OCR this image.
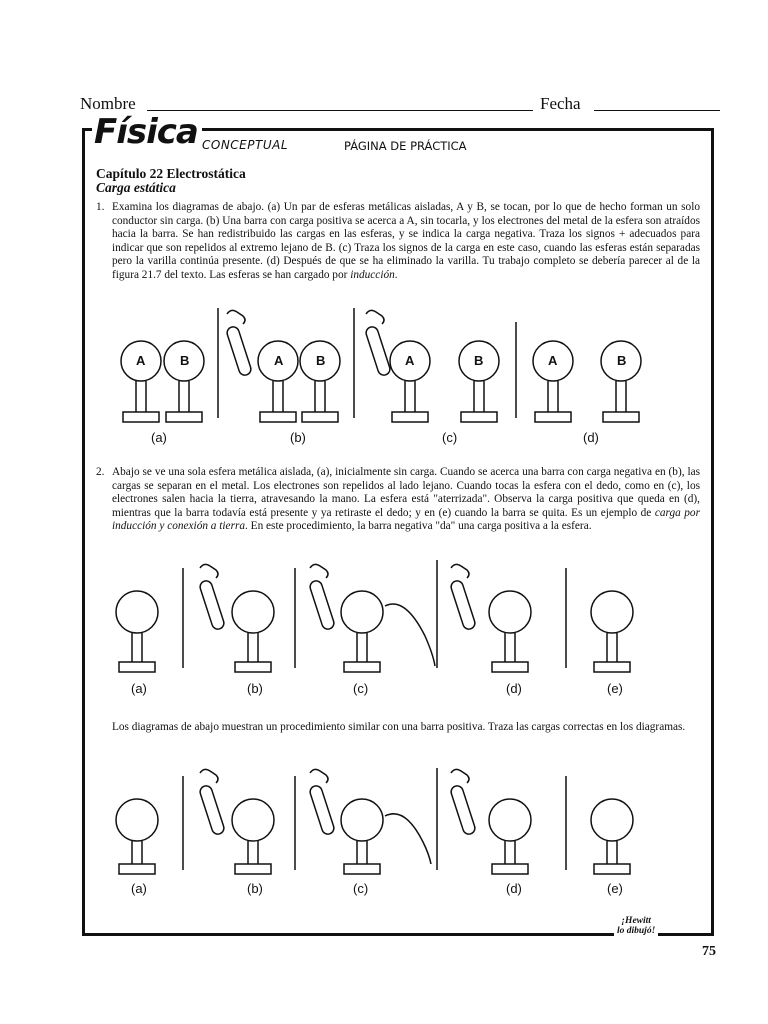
Nombre	Fecha
Física CONCEPTUAL	PÁGINA DE PRÁCTICA
Capítulo 22 Electrostática
Carga estática
1. Examina los diagramas de abajo. (a) Un par de esferas metálicas aisladas, A y B, se tocan, por lo que de hecho forman un solo conductor sin carga. (b) Una barra con carga positiva se acerca a A, sin tocarla, y los electrones del metal de la esfera son atraídos hacia la barra. Se han redistribuido las cargas en las esferas, y se indica la carga negativa. Traza los signos + adecuados para indicar que son repelidos al extremo lejano de B. (c) Traza los signos de la carga en este caso, cuando las esferas están separadas pero la varilla continúa presente. (d) Después de que se ha eliminado la varilla. Tu trabajo completo se debería parecer al de la figura 21.7 del texto. Las esferas se han cargado por inducción.
(a)	(b)	(c)	(d)
A	B	A	B	A	B	A	B
2. Abajo se ve una sola esfera metálica aislada, (a), inicialmente sin carga. Cuando se acerca una barra con carga negativa en (b), las cargas se separan en el metal. Los electrones son repelidos al lado lejano. Cuando tocas la esfera con el dedo, como en (c), los electrones salen hacia la tierra, atravesando la mano. La esfera está "aterrizada". Observa la carga positiva que queda en (d), mientras que la barra todavía está presente y ya retiraste el dedo; y en (e) cuando la barra se quita. Es un ejemplo de carga por inducción y conexión a tierra. En este procedimiento, la barra negativa "da" una carga positiva a la esfera.
(a)	(b)	(c)	(d)	(e)
Los diagramas de abajo muestran un procedimiento similar con una barra positiva. Traza las cargas correctas en los diagramas.
(a)	(b)	(c)	(d)	(e)
¡Hewitt
lo dibujó!
75
